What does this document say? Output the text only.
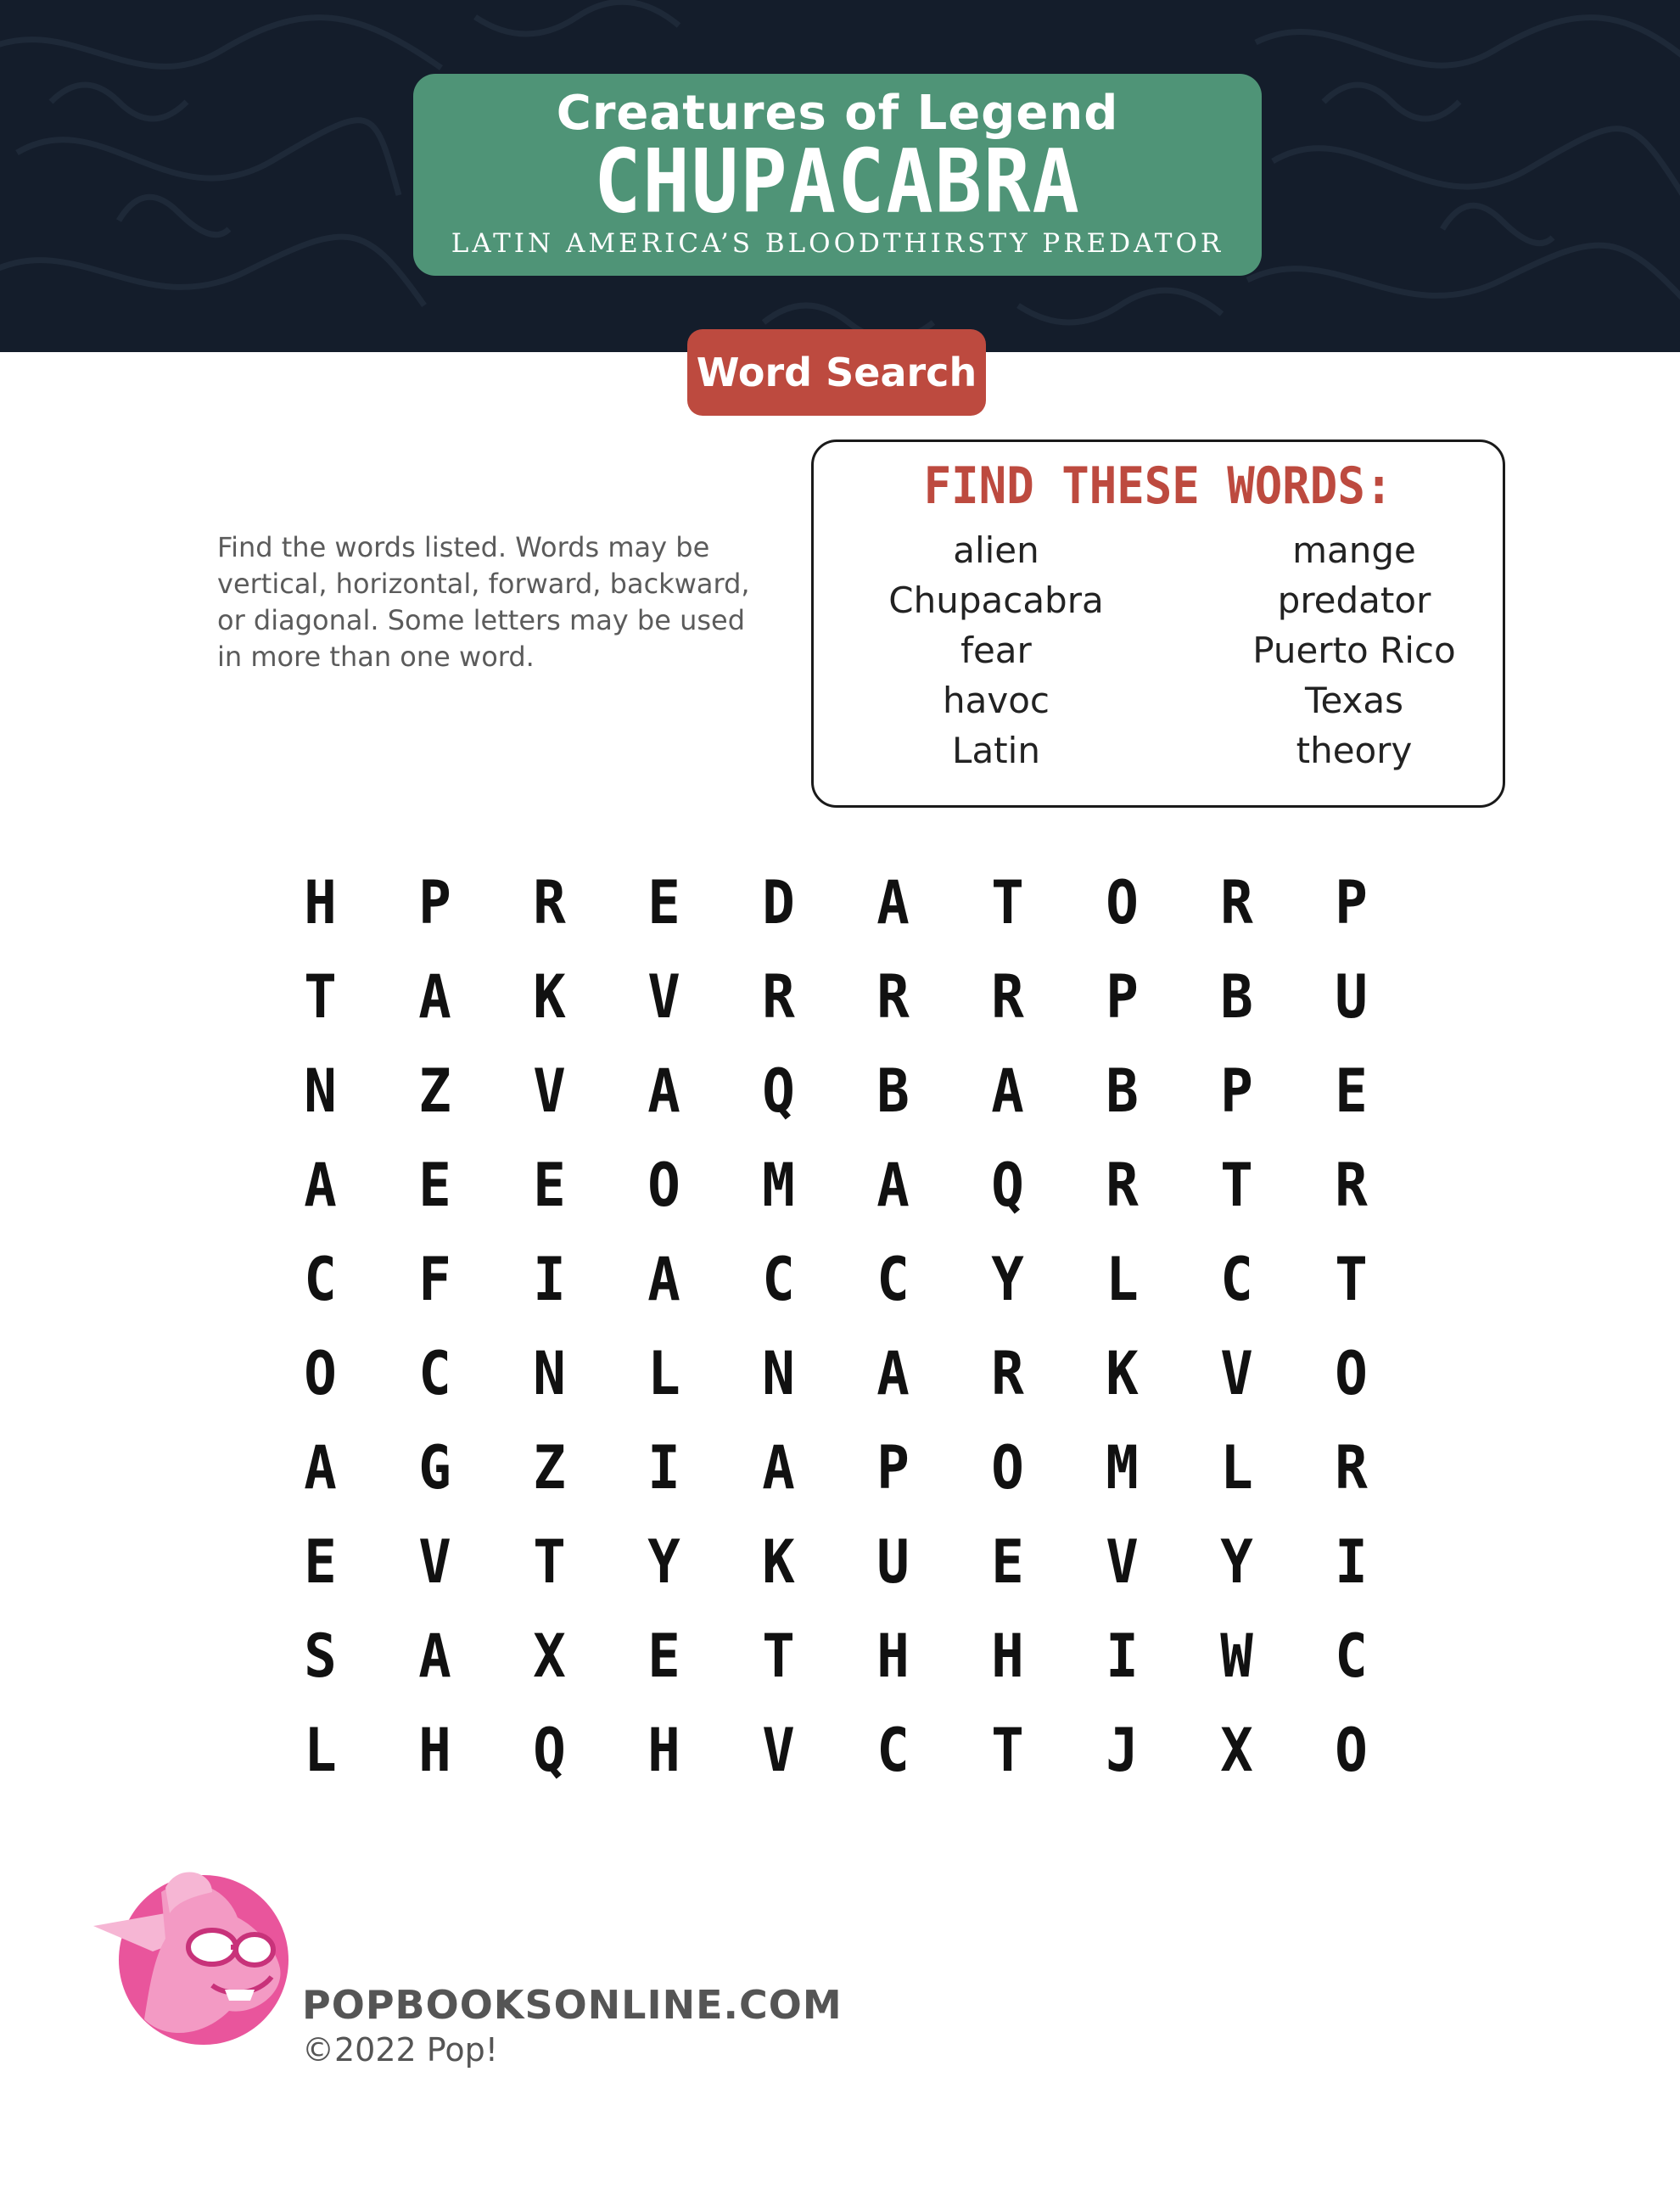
Creatures of Legend
CHUPACABRA
LATIN AMERICA’S BLOODTHIRSTY PREDATOR
Word Search
Find the words listed. Words may be vertical, horizontal, forward, backward, or diagonal. Some letters may be used in more than one word.
FIND THESE WORDS:
alien
Chupacabra
fear
havoc
Latin
mange
predator
Puerto Rico
Texas
theory
H	P	R	E	D	A	T	O	R	P
T	A	K	V	R	R	R	P	B	U
N	Z	V	A	Q	B	A	B	P	E
A	E	E	O	M	A	Q	R	T	R
C	F	I	A	C	C	Y	L	C	T
O	C	N	L	N	A	R	K	V	O
A	G	Z	I	A	P	O	M	L	R
E	V	T	Y	K	U	E	V	Y	I
S	A	X	E	T	H	H	I	W	C
L	H	Q	H	V	C	T	J	X	O
POPBOOKSONLINE.COM
©2022 Pop!
